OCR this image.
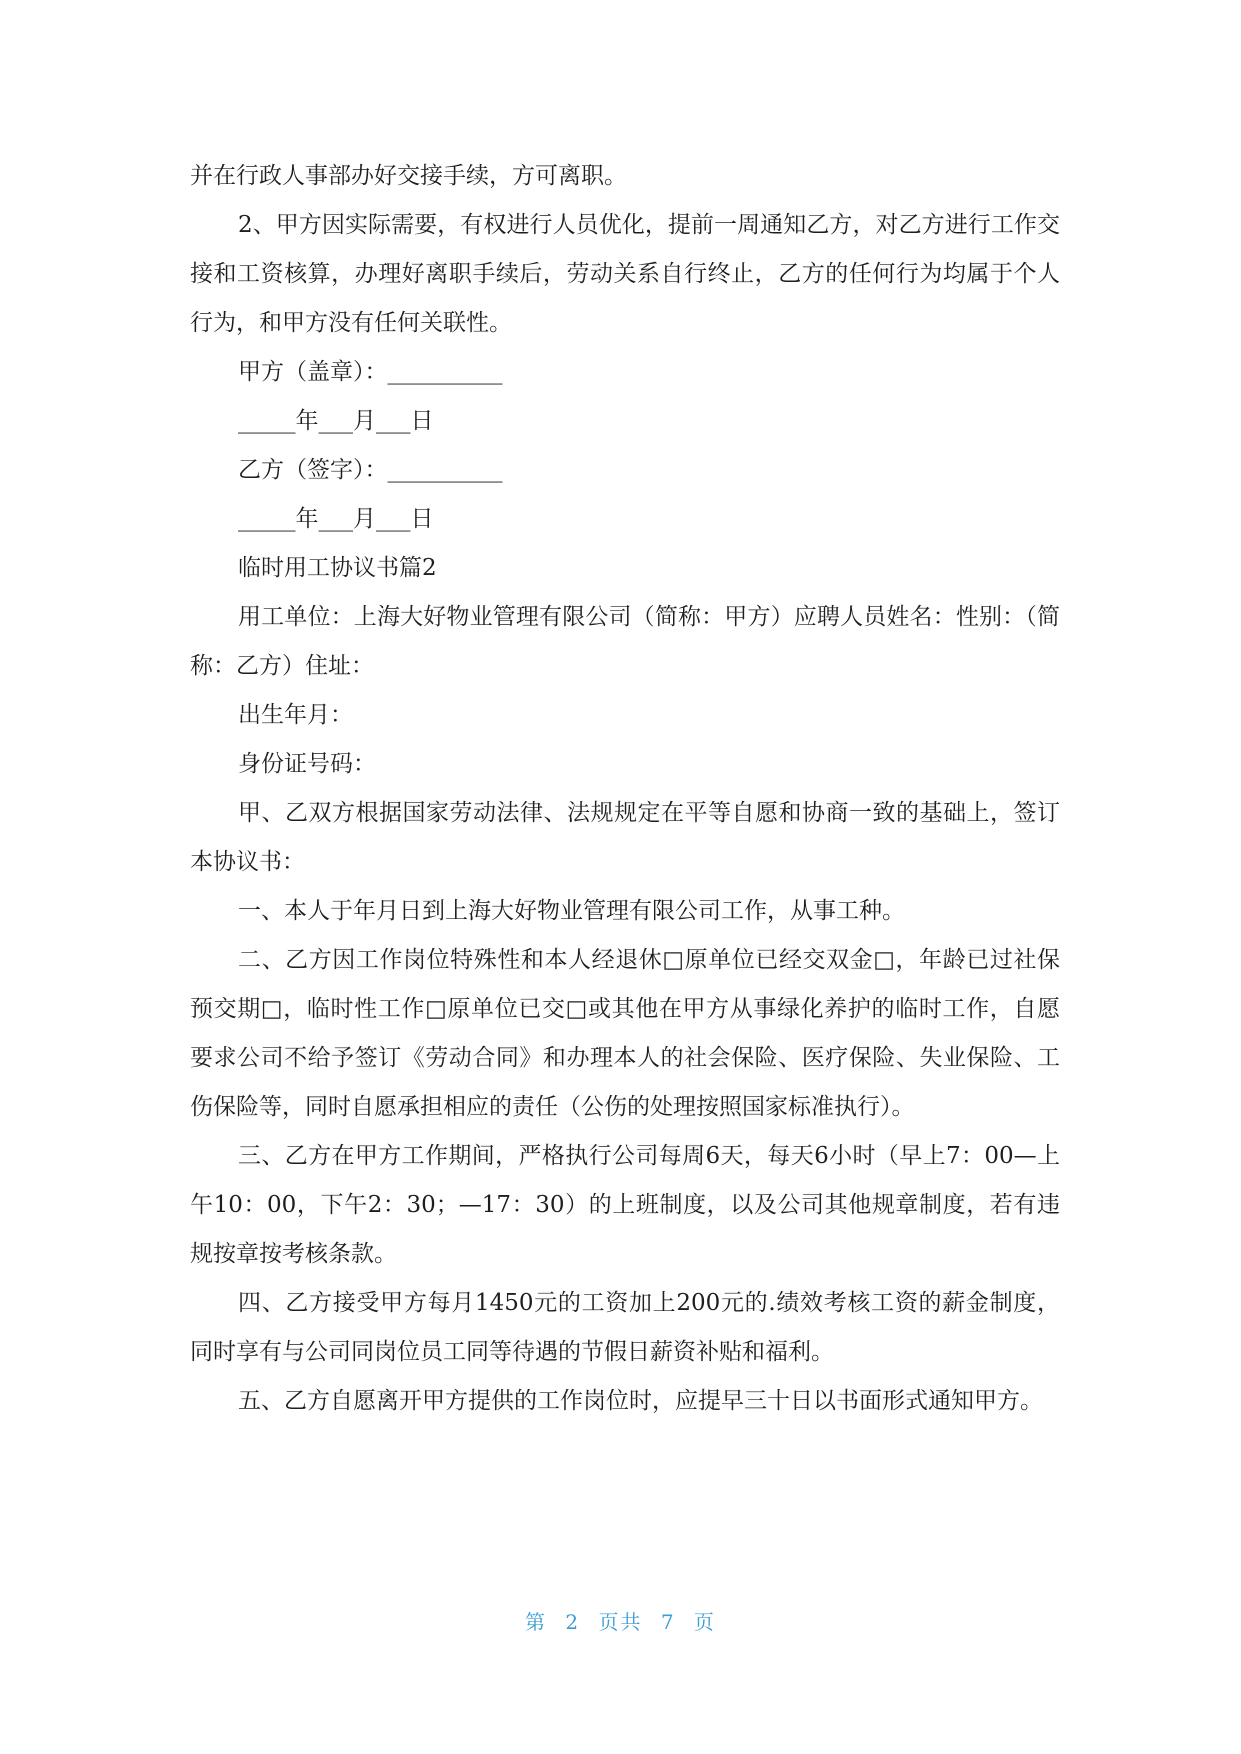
并在行政人事部办好交接手续，方可离职。

2、甲方因实际需要，有权进行人员优化，提前一周通知乙方，对乙方进行工作交接和工资核算，办理好离职手续后，劳动关系自行终止，乙方的任何行为均属于个人行为，和甲方没有任何关联性。

甲方（盖章）：__________

_____年___月___日

乙方（签字）：__________

_____年___月___日

临时用工协议书篇2

用工单位：上海大好物业管理有限公司（简称：甲方）应聘人员姓名：性别：（简称：乙方）住址：

出生年月：

身份证号码：

甲、乙双方根据国家劳动法律、法规规定在平等自愿和协商一致的基础上，签订本协议书：

一、本人于年月日到上海大好物业管理有限公司工作，从事工种。

二、乙方因工作岗位特殊性和本人经退休□原单位已经交双金□，年龄已过社保预交期□，临时性工作□原单位已交□或其他在甲方从事绿化养护的临时工作，自愿要求公司不给予签订《劳动合同》和办理本人的社会保险、医疗保险、失业保险、工伤保险等，同时自愿承担相应的责任（公伤的处理按照国家标准执行）。

三、乙方在甲方工作期间，严格执行公司每周6天，每天6小时（早上7：00—上午10：00，下午2：30；—17：30）的上班制度，以及公司其他规章制度，若有违规按章按考核条款。

四、乙方接受甲方每月1450元的工资加上200元的.绩效考核工资的薪金制度，同时享有与公司同岗位员工同等待遇的节假日薪资补贴和福利。

五、乙方自愿离开甲方提供的工作岗位时，应提早三十日以书面形式通知甲方。

第 2 页共 7 页
